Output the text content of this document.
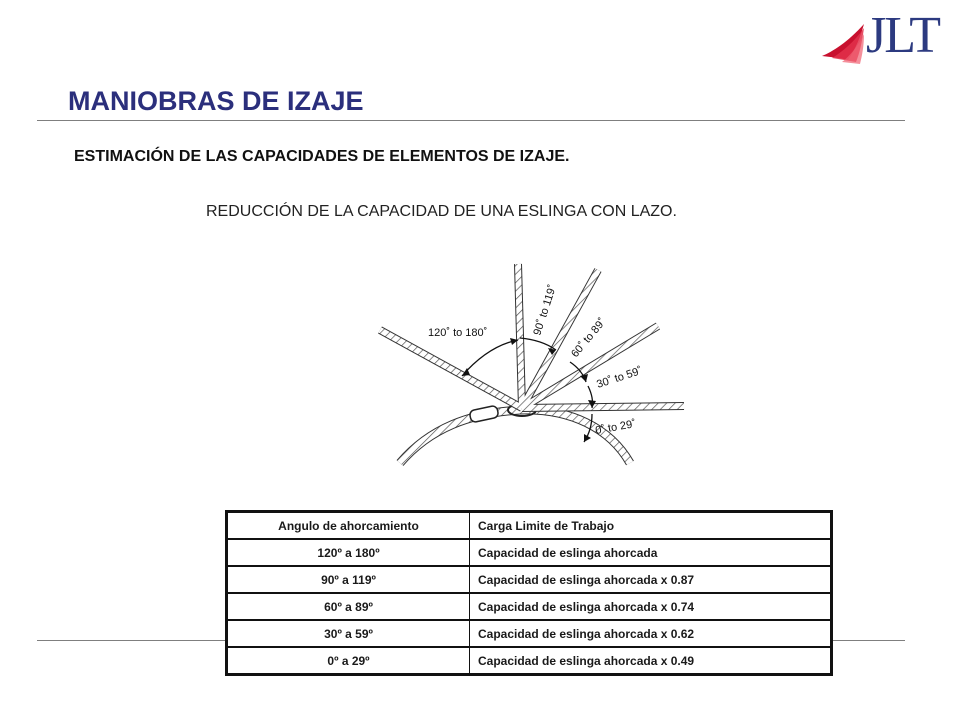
JLT
MANIOBRAS DE IZAJE
ESTIMACIÓN DE LAS CAPACIDADES DE ELEMENTOS DE IZAJE.
REDUCCIÓN DE LA CAPACIDAD DE UNA ESLINGA CON LAZO.
120˚ to 180˚	90˚ to 119˚
60˚ to 89˚
30˚ to 59˚
0˚ to 29˚
Angulo de ahorcamiento	Carga Limite de Trabajo
120º a 180º	Capacidad de eslinga ahorcada
90º a 119º	Capacidad de eslinga ahorcada x 0.87
60º a 89º	Capacidad de eslinga ahorcada x 0.74
30º a 59º	Capacidad de eslinga ahorcada x 0.62
0º a 29º	Capacidad de eslinga ahorcada x 0.49
